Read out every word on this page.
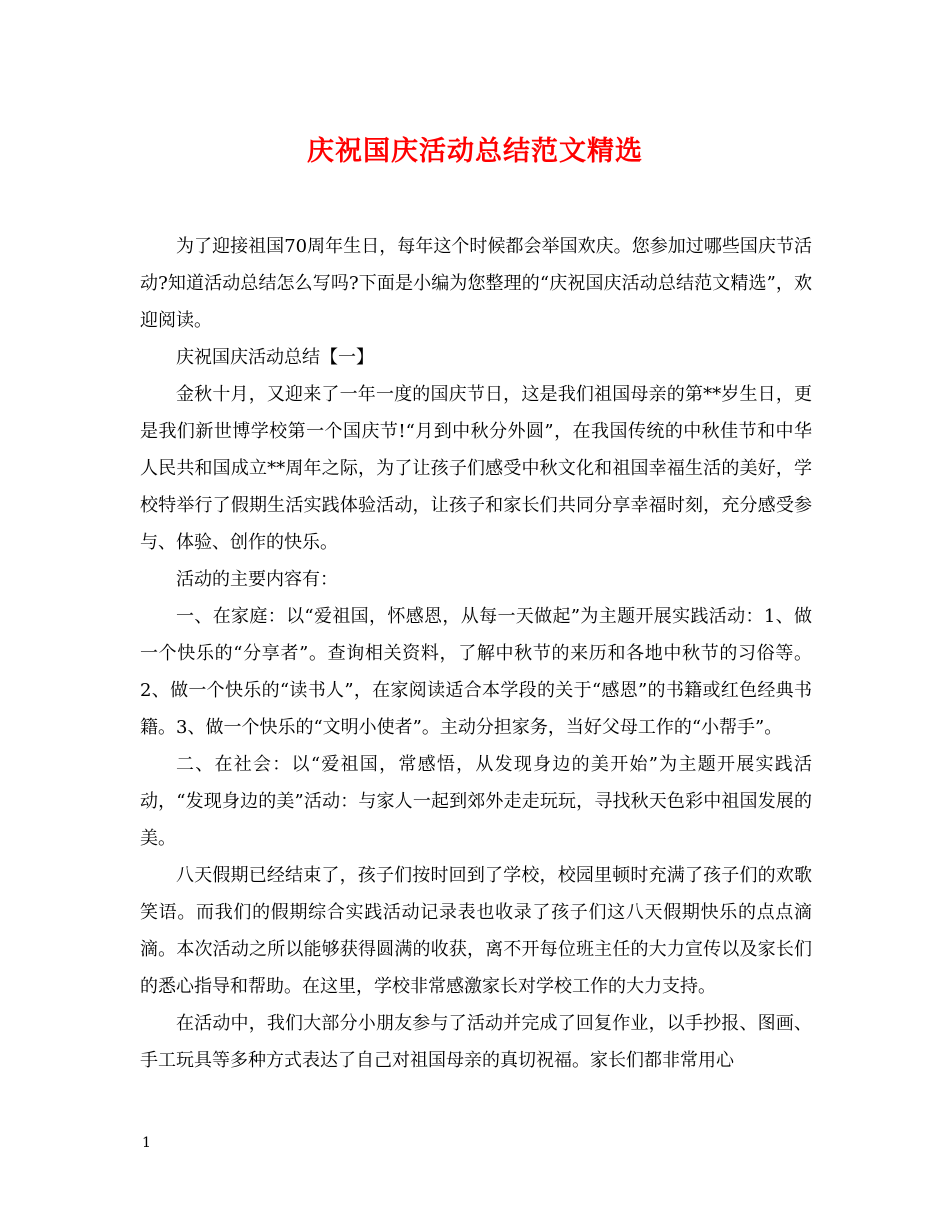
庆祝国庆活动总结范文精选

为了迎接祖国70周年生日，每年这个时候都会举国欢庆。您参加过哪些国庆节活动?知道活动总结怎么写吗?下面是小编为您整理的“庆祝国庆活动总结范文精选”，欢迎阅读。

庆祝国庆活动总结【一】

金秋十月，又迎来了一年一度的国庆节日，这是我们祖国母亲的第**岁生日，更是我们新世博学校第一个国庆节!“月到中秋分外圆”，在我国传统的中秋佳节和中华人民共和国成立**周年之际，为了让孩子们感受中秋文化和祖国幸福生活的美好，学校特举行了假期生活实践体验活动，让孩子和家长们共同分享幸福时刻，充分感受参与、体验、创作的快乐。

活动的主要内容有：

一、在家庭：以“爱祖国，怀感恩，从每一天做起”为主题开展实践活动：1、做一个快乐的“分享者”。查询相关资料，了解中秋节的来历和各地中秋节的习俗等。2、做一个快乐的“读书人”，在家阅读适合本学段的关于“感恩”的书籍或红色经典书籍。3、做一个快乐的“文明小使者”。主动分担家务，当好父母工作的“小帮手”。

二、在社会：以“爱祖国，常感悟，从发现身边的美开始”为主题开展实践活动，“发现身边的美”活动：与家人一起到郊外走走玩玩，寻找秋天色彩中祖国发展的美。

八天假期已经结束了，孩子们按时回到了学校，校园里顿时充满了孩子们的欢歌笑语。而我们的假期综合实践活动记录表也收录了孩子们这八天假期快乐的点点滴滴。本次活动之所以能够获得圆满的收获，离不开每位班主任的大力宣传以及家长们的悉心指导和帮助。在这里，学校非常感激家长对学校工作的大力支持。

在活动中，我们大部分小朋友参与了活动并完成了回复作业，以手抄报、图画、手工玩具等多种方式表达了自己对祖国母亲的真切祝福。家长们都非常用心

1
